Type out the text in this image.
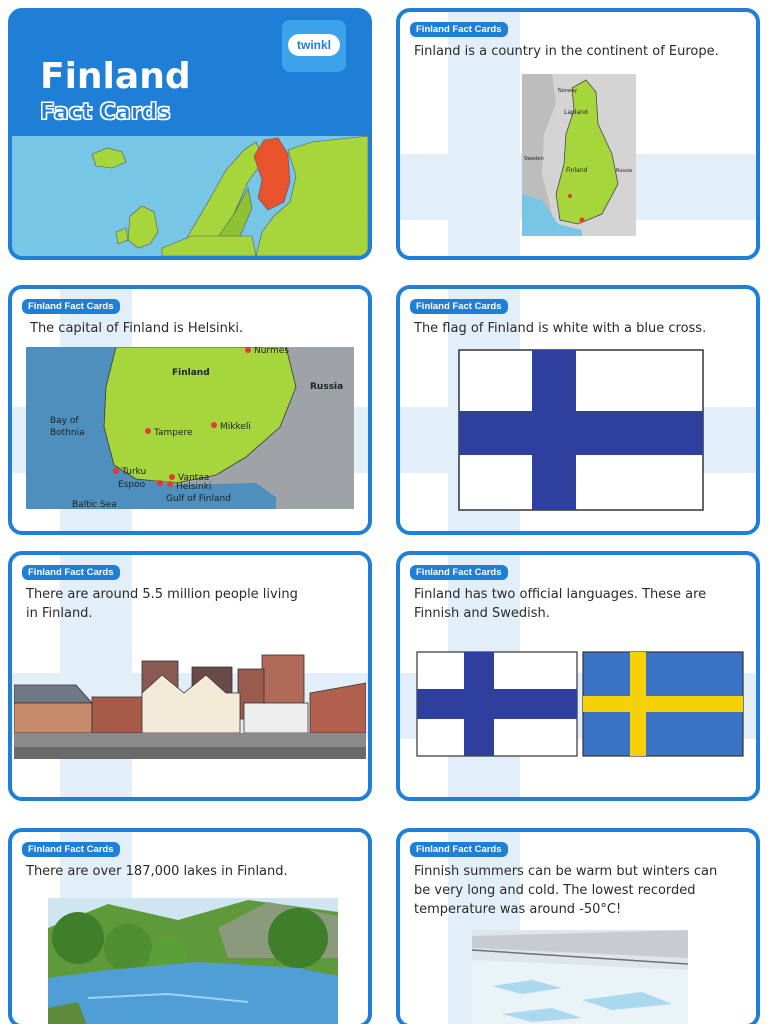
Finland
Fact Cards
twinkl
Finland Fact Cards
Finland is a country in the continent of Europe.
Lapland
Finland
Sweden
Russia
Norway
Finland Fact Cards
The capital of Finland is Helsinki.
Finland
Russia
Bay of
Bothnia
Baltic Sea
Gulf of Finland
Nurmes
Tampere
Mikkeli
Turku
Vantaa
Espoo	Helsinki
Finland Fact Cards
The flag of Finland is white with a blue cross.
Finland Fact Cards
There are around 5.5 million people living in Finland.
Finland Fact Cards
Finland has two official languages. These are Finnish and Swedish.
Finland Fact Cards
There are over 187,000 lakes in Finland.
Finland Fact Cards
Finnish summers can be warm but winters can be very long and cold. The lowest recorded temperature was around -50°C!
